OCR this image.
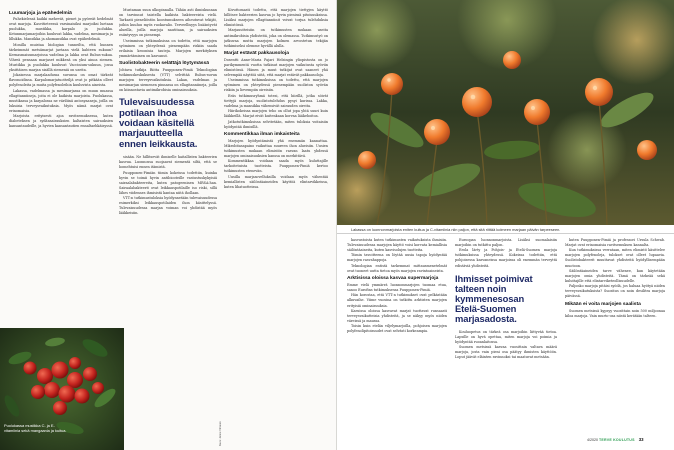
Luumarjoja ja epähedelmiä

Puhekielessä kaikki mehevät, pienet ja pyöreät hedelmät ovat marjoja. Kasvitieteessä varsinaisiksi marjoiksi luetaan puolukka, mustikka, karpalo ja juolukka. Ketunmarjamarjoihin kuuluvat lakka, vadelma, mesimarja ja lillukka. Mansikka ja ahomansikka ovat epähedelmiä.

Monilla muistaa biologian tunneilta, että hunnen tärkeimmät metsämarjat jaetaan vielä kahteen sukuun? Kernasmaisumarjoissa vadelma ja lakka ovat Rubus-sukua. Vihreä pensaan marjaset mikkesä on yksi ainoa siemen. Mustikka ja puolukka kuuluvat Vaccinium-sukuun, jossa yksittäisen marjan sisällä siemeniä on useita.

Jokaisessa marjalaadussa suvunsa on omat tärkeät flavonoidinsa. Karpalomarjatuotteiljä ovat jo pitkään olleet polyfenoleita ja muita polyfenoleihin kuuluvista aineista.

Lakassa, vadelmassa ja mesimarjassa on muun muassa ellagitanniineja, joita ei ole kaikista marjoista. Puolukassa, mustikassa ja karpalossa ne väriliinä antosyaaneja, joilla on lukuisia terveysvaikutuksia. Myös nämä marjat ovat erinomaisia.

Marjoista erityisesti ajoa ravitsemuksessa, kuten diabeteksen ja sydänsairauksien kaltaisten sairauksien kansantaudeille, ja hyvien kansantautien ennaltaehkäisyssä.

Puolukassa mustikka C- ja E-vitamiinia sekä mangaania ja kuitua.

Mustaman suun ulkopinnalla. Tähän asti ihmiskunnan on tarvinnut taistella kaikista bakteereista vielä. Tarkasti pieneliöstön koostumukseen aiheutuvat tekijät, joihin kuuluu myös ruokavalio. Terveellisyys lisääntyvät alueilla, joilla marjoja nautitaan, ja sairauksien esiintyvyys on pienempi.

Useimmissa tutkimuksissa on todettu, että marjojen syöminen on yhteydessä pienempään riskiin saada erilaisia kroonisia tauteja. Marjojen merkityksen ymmärtäminen on kasvanut.

Suolistobakteerin selättäjä löytymässä

Johtava tutkija Riitta Puupponen-Pimiä Teknologian tutkimuskeskuksesta (VTT) selvittää Rubus-suvun marjojen terveysvaikutuksia. Lakan, vadelman ja mesimarjan siemenen pinnassa on ellagitanniineja, joilla on kiinnostavia antimikrobisia ominaisuuksia.

Tulevaisuudessa
potilaan ihoa
voidaan käsitellä
marjauutteella
ennen leikkausta.

sisään. Ne hillitsevät ihmiselle haitallisten bakteerien kasvua. Luonnossa suojaavat siementä siltä, että se homehtuisi ennen itämistä.

Puupponen-Pimiän tiimin kokeissa todettiin, kuinka hyvin se toimii hyvin antibiooteille vastustuskykyisiä sairaalabakteereita, kuten patogeeninen MRSA:han. Sairaalabakteerit ovat leikkauspotilaille iso riski, sillä lähes viidennes ihmisistä kantaa niitä ihollaan.

VTT:n tutkimustuloksia hyödynnetään tulevaisuudessa esimerkiksi leikkauspotilaiden ihon käsittelyssä. Tulevaisuudessa marjan voiman voi yhdistää myös lääkkeisiin.

Kivuttomasti todettu, että marjojen tiettyjen käyttö hillitsee bakteerien kasvua jo hyvin pienissä pitoisuuksissa. Lisäksi marjojen ellagitanniinit voivat torjua tulehduksia elimistössä.

Marjauutteisiin on tutkimusten mukaan useita antimikrobisia yhdisteitä, joka on olemassa. Tutkimustyö on jatkuvaa mutta marjojen kolmen arvostetun tekijän tutkimiseksi olemme hyvällä alulla.

Marjat estävät pakkausoloja

Dosentti Anne-Maria Pajari Helsingin yliopistosta on jo parikymmentä vuotta tutkinut marjojen vaikutusta syöviin elimistössä. Hänen ja muut tutkijat ovat saaneet yhä selvempää näyttöä siitä, että marjat estävät pakkausoloja.

Useimmissa tutkimuksissa on todettu, että marjojen syöminen on yhteydessä pienempään suoliston syövän riskiin ja lievempiin oireisiin.

Eräs tutkimusryhmä totesi, että hiirillä, jotka söivät tiettyjä marjoja, suolistotulehdus pysyi kurissa. Lakka, vadelma ja mansikka vähensivät sairauden oireita.

Hiirikokeissa marjojen teho on ollut jopa yhtä suuri kuin lääkkeillä. Marjat eivät kuitenkaan korvaa lääkehoitoa.

Jatkotutkimuksissa selvitetään, miten tuloksia voitaisiin hyödyntää ihmisillä.

Kommentikkaa ilman imkaisteita

Marjojen hyödyntämistä yhä enemmän kannattaa. Mikrobitasapaino vaikuttaa suureen ihon alueisiin. Uusien tutkimusten mukaan elimistön rasvan laatu yhdessä marjojen ominaisuuksien kanssa on merkittävä.

Kommentikkaa voidaan saada myös kuluttajille tarkoitetuista tuotteista. Puupponen-Pimiä kertoo tutkimusten etenevän.

Uusilla marjasovelluksilla voidaan myös vähentää kemiallisten säilöntäaineiden käyttöä elintarvikkeissa, kuten lihatuotteissa.

Kuva: Janne Virtanen
Lakassa on luonnonmarjoista eniten kuitua ja C-vitamiinia niin paljon, että sitä riittää kolmeen marjaan päivän tarpeeseen.

kasvustoista kuten tutkimusten vaikutuksista ihmisiin. Tulevaisuudessa marjojen käyttö voisi korvata kemiallisia säilöntäaineita, kuten kasvisolujen tuotteita.

Tiimin tavoitteena on löytää uusia tapoja hyödyntää marjojen rasvahappoja.

Teknologian entistä tarkemmat mittausmenetelmät ovat tuoneet uutta tietoa myös marjojen ravintoaineista.

Arktisissa oloissa kasvaa supermarjoja

Emme vielä ymmärrä luonnonmarjojen tuomaa etua, sanoo Eurofins tutkimuksessa Puupponen-Pimiä.

Hän korostaa, että VTT:n tutkimukset ovat pelkästään alkuvaihe. Viime vuosina on tutkittu arktisten marjojen erityisiä ominaisuuksia.

Karuissa oloissa kasvavat marjat tuottavat runsaasti terveysvaikutteisia yhdisteitä, ja se näkyy myös niiden väreissä ja maussa.

Toisin kuin etelän viljelymarjoilla, pohjoisen marjojen polyfenolipitoisuudet ovat selvästi korkeampia.

Euroopan luonnonmarjoista. Lisäksi suomalaisiin marjoihin on tutkittu paljon.

Erola lärty ja Pohjois- ja Etelä-Suomen marjoja tutkimuksissa yhteydessä. Kokeissa todettiin, että pohjoisessa kasvaneissa marjoissa oli enemmän terveyttä edistäviä yhdisteitä.

Ihmisset poimivat
talteen noin
kymmenesosan
Etelä-Suomen
marjasadosta.

Kouluopetus on tärkeä osa marjoihin liittyvää tietoa. Lapsille on hyvä opettaa, miten marjoja voi poimia ja hyödyntää ruoanlaitossa.

Suomen metsissä kasvaa vuosittain valtava määrä marjoja, josta vain pieni osa päätyy ihmisten käyttöön. Loput jäävät eläinten ravinnoksi tai maatuvat metsään.

kuten Puupponen-Pimiä ja professori Ursula Schwab. Marjat ovat erinomaisia ravitsemuksen kannalta.

Kun tutkimuksissa verrataan, miten elimistö käsittelee marjojen polyfenoleja, tulokset ovat olleet lupaavia. Suolistobakteerit muuttavat yhdisteitä hyödyllisempään muotoon.

Säilöntäaineiden tarve vähenee, kun käytetään marjojen omia yhdisteitä. Tämä on tärkeää sekä kuluttajille että elintarviketeollisuudelle.

Paljonko marjoja pitäisi syödä, jos haluaa hyötyä niiden terveysvaikutuksista? Suositus on noin desilitra marjoja päivässä.

Mikään ei voita marjojen saalista

Suomen metsissä kypsyy vuosittain noin 500 miljoonaa kiloa marjoja. Vain murto-osa niistä kerätään talteen.

4/2020 TERVE KOULUTUS 33
